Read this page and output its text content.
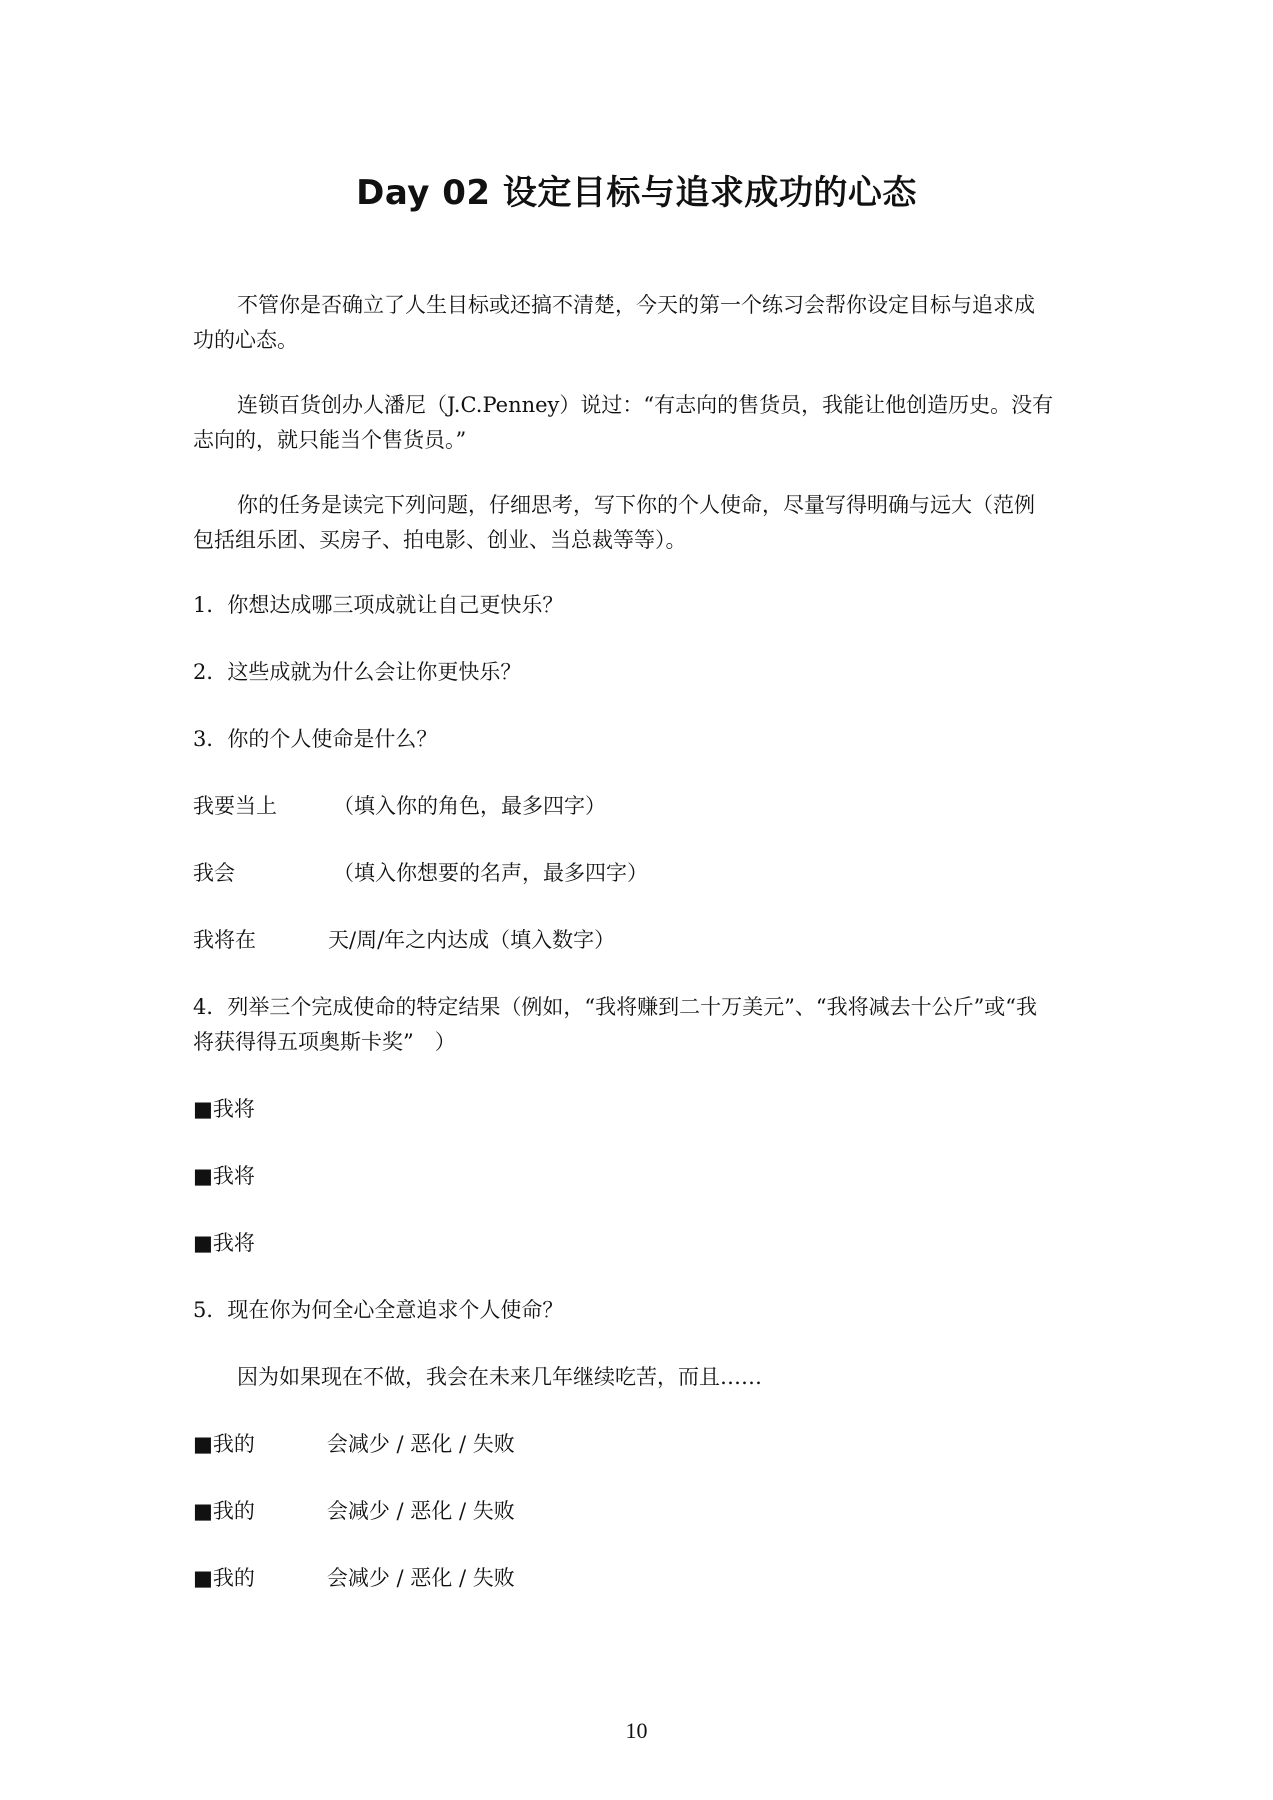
Day 02 设定目标与追求成功的心态
不管你是否确立了人生目标或还搞不清楚，今天的第一个练习会帮你设定目标与追求成
功的心态。
连锁百货创办人潘尼（J.C.Penney）说过：“有志向的售货员，我能让他创造历史。没有
志向的，就只能当个售货员。”
你的任务是读完下列问题，仔细思考，写下你的个人使命，尽量写得明确与远大（范例
包括组乐团、买房子、拍电影、创业、当总裁等等）。
1．你想达成哪三项成就让自己更快乐？
2．这些成就为什么会让你更快乐？
3．你的个人使命是什么？
我要当上	（填入你的角色，最多四字）
我会	（填入你想要的名声，最多四字）
我将在	天/周/年之内达成（填入数字）
4．列举三个完成使命的特定结果（例如，“我将赚到二十万美元”、“我将减去十公斤”或“我
将获得得五项奥斯卡奖”　）
■我将
■我将
■我将
5．现在你为何全心全意追求个人使命？
因为如果现在不做，我会在未来几年继续吃苦，而且……
■我的	会减少 / 恶化 / 失败
■我的	会减少 / 恶化 / 失败
■我的	会减少 / 恶化 / 失败
10
